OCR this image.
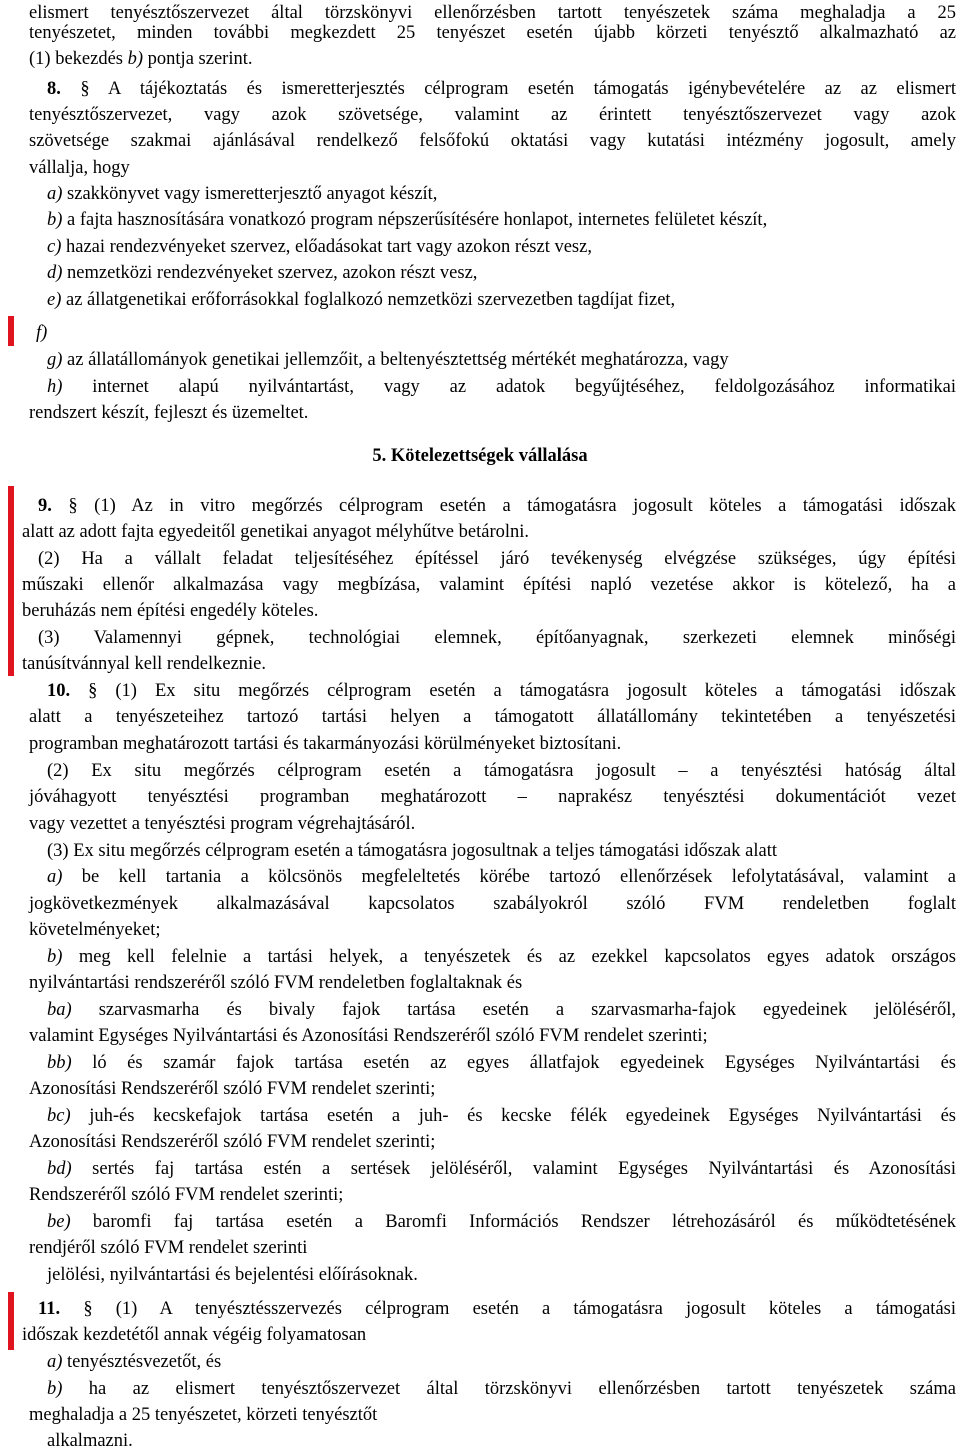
elismert tenyésztőszervezet által törzskönyvi ellenőrzésben tartott tenyészetek száma meghaladja a 25
tenyészetet, minden további megkezdett 25 tenyészet esetén újabb körzeti tenyésztő alkalmazható az
(1) bekezdés b) pontja szerint.
8. § A tájékoztatás és ismeretterjesztés célprogram esetén támogatás igénybevételére az az elismert
tenyésztőszervezet, vagy azok szövetsége, valamint az érintett tenyésztőszervezet vagy azok
szövetsége szakmai ajánlásával rendelkező felsőfokú oktatási vagy kutatási intézmény jogosult, amely
vállalja, hogy
a) szakkönyvet vagy ismeretterjesztő anyagot készít,
b) a fajta hasznosítására vonatkozó program népszerűsítésére honlapot, internetes felületet készít,
c) hazai rendezvényeket szervez, előadásokat tart vagy azokon részt vesz,
d) nemzetközi rendezvényeket szervez, azokon részt vesz,
e) az állatgenetikai erőforrásokkal foglalkozó nemzetközi szervezetben tagdíjat fizet,
f)
g) az állatállományok genetikai jellemzőit, a beltenyésztettség mértékét meghatározza, vagy
h) internet alapú nyilvántartást, vagy az adatok begyűjtéséhez, feldolgozásához informatikai
rendszert készít, fejleszt és üzemeltet.
5. Kötelezettségek vállalása
9. § (1) Az in vitro megőrzés célprogram esetén a támogatásra jogosult köteles a támogatási időszak
alatt az adott fajta egyedeitől genetikai anyagot mélyhűtve betárolni.
(2) Ha a vállalt feladat teljesítéséhez építéssel járó tevékenység elvégzése szükséges, úgy építési
műszaki ellenőr alkalmazása vagy megbízása, valamint építési napló vezetése akkor is kötelező, ha a
beruházás nem építési engedély köteles.
(3) Valamennyi gépnek, technológiai elemnek, építőanyagnak, szerkezeti elemnek minőségi
tanúsítvánnyal kell rendelkeznie.
10. § (1) Ex situ megőrzés célprogram esetén a támogatásra jogosult köteles a támogatási időszak
alatt a tenyészeteihez tartozó tartási helyen a támogatott állatállomány tekintetében a tenyészetési
programban meghatározott tartási és takarmányozási körülményeket biztosítani.
(2) Ex situ megőrzés célprogram esetén a támogatásra jogosult – a tenyésztési hatóság által
jóváhagyott tenyésztési programban meghatározott – naprakész tenyésztési dokumentációt vezet
vagy vezettet a tenyésztési program végrehajtásáról.
(3) Ex situ megőrzés célprogram esetén a támogatásra jogosultnak a teljes támogatási időszak alatt
a) be kell tartania a kölcsönös megfeleltetés körébe tartozó ellenőrzések lefolytatásával, valamint a
jogkövetkezmények alkalmazásával kapcsolatos szabályokról szóló FVM rendeletben foglalt
követelményeket;
b) meg kell felelnie a tartási helyek, a tenyészetek és az ezekkel kapcsolatos egyes adatok országos
nyilvántartási rendszeréről szóló FVM rendeletben foglaltaknak és
ba) szarvasmarha és bivaly fajok tartása esetén a szarvasmarha-fajok egyedeinek jelöléséről,
valamint Egységes Nyilvántartási és Azonosítási Rendszeréről szóló FVM rendelet szerinti;
bb) ló és szamár fajok tartása esetén az egyes állatfajok egyedeinek Egységes Nyilvántartási és
Azonosítási Rendszeréről szóló FVM rendelet szerinti;
bc) juh-és kecskefajok tartása esetén a juh- és kecske félék egyedeinek Egységes Nyilvántartási és
Azonosítási Rendszeréről szóló FVM rendelet szerinti;
bd) sertés faj tartása estén a sertések jelöléséről, valamint Egységes Nyilvántartási és Azonosítási
Rendszeréről szóló FVM rendelet szerinti;
be) baromfi faj tartása esetén a Baromfi Információs Rendszer létrehozásáról és működtetésének
rendjéről szóló FVM rendelet szerinti
jelölési, nyilvántartási és bejelentési előírásoknak.
11. § (1) A tenyésztésszervezés célprogram esetén a támogatásra jogosult köteles a támogatási
időszak kezdetétől annak végéig folyamatosan
a) tenyésztésvezetőt, és
b) ha az elismert tenyésztőszervezet által törzskönyvi ellenőrzésben tartott tenyészetek száma
meghaladja a 25 tenyészetet, körzeti tenyésztőt
alkalmazni.
